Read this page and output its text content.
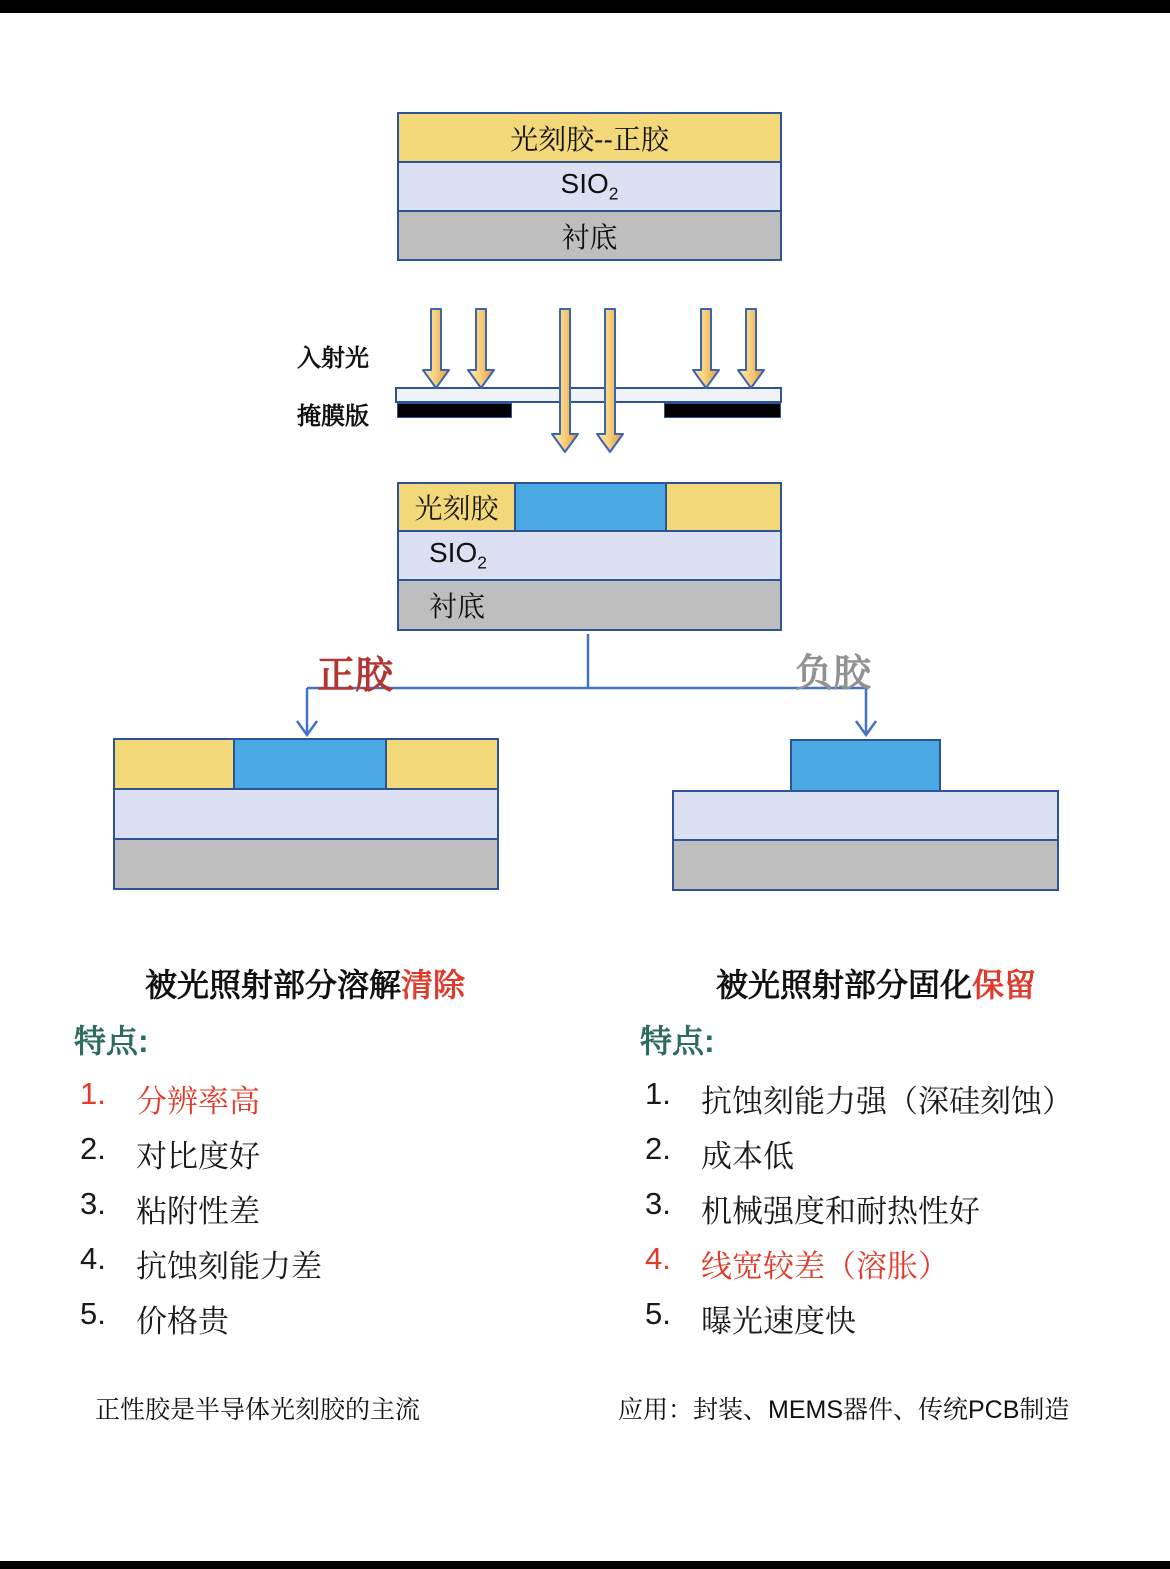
光刻胶--正胶
$SIO_2$
衬底
入射光
掩膜版
光刻胶
$SIO_2$
衬底
正胶	负胶
被光照射部分溶解清除
特点:
1. 分辨率高
2. 对比度好
3. 粘附性差
4. 抗蚀刻能力差
5. 价格贵
正性胶是半导体光刻胶的主流
被光照射部分固化保留
特点:
1. 抗蚀刻能力强（深硅刻蚀）
2. 成本低
3. 机械强度和耐热性好
4. 线宽较差（溶胀）
5. 曝光速度快
应用：封装、MEMS器件、传统PCB制造
